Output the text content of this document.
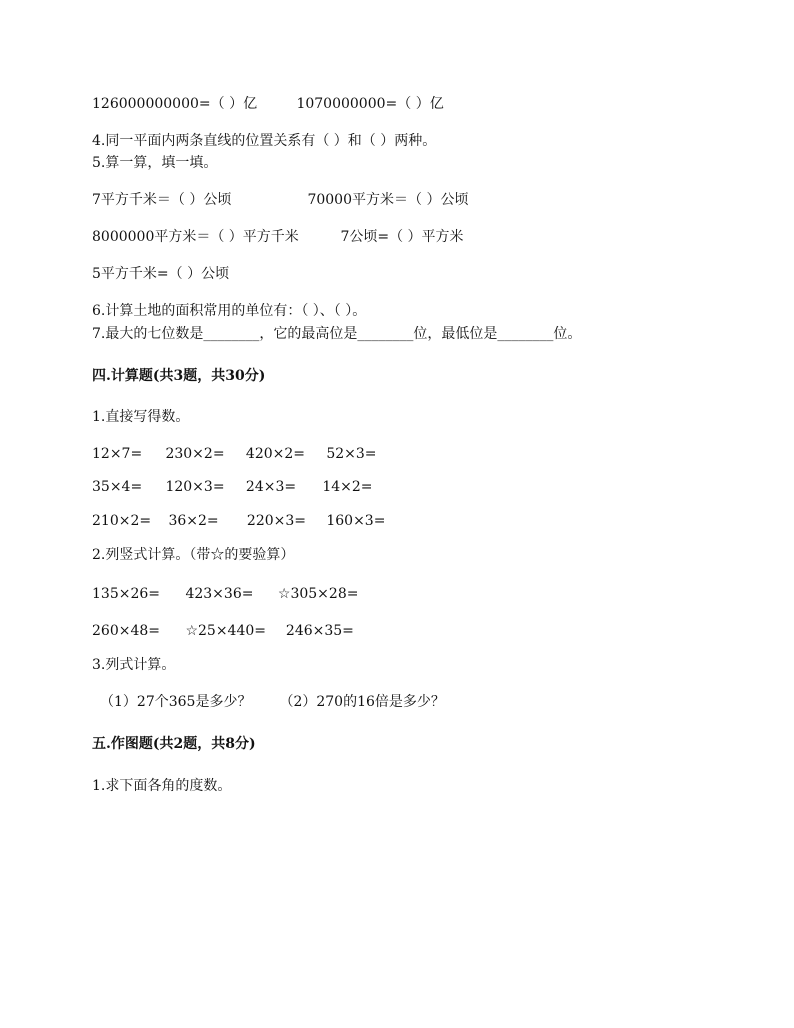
126000000000=（ ）亿	1070000000=（ ）亿
4.同一平面内两条直线的位置关系有（ ）和（ ）两种。
5.算一算，填一填。
7平方千米＝（ ）公顷	70000平方米＝（ ）公顷
8000000平方米＝（ ）平方千米	7公顷=（ ）平方米
5平方千米=（ ）公顷
6.计算土地的面积常用的单位有：（ ）、（ ）。
7.最大的七位数是________，它的最高位是________位，最低位是________位。
四.计算题(共3题，共30分)
1.直接写得数。
12×7= 230×2= 420×2= 52×3=
35×4= 120×3= 24×3= 14×2=
210×2= 36×2= 220×3= 160×3=
2.列竖式计算。（带☆的要验算）
135×26= 423×36= ☆305×28=
260×48= ☆25×440= 246×35=
3.列式计算。
（1）27个365是多少？ （2）270的16倍是多少？
五.作图题(共2题，共8分)
1.求下面各角的度数。
